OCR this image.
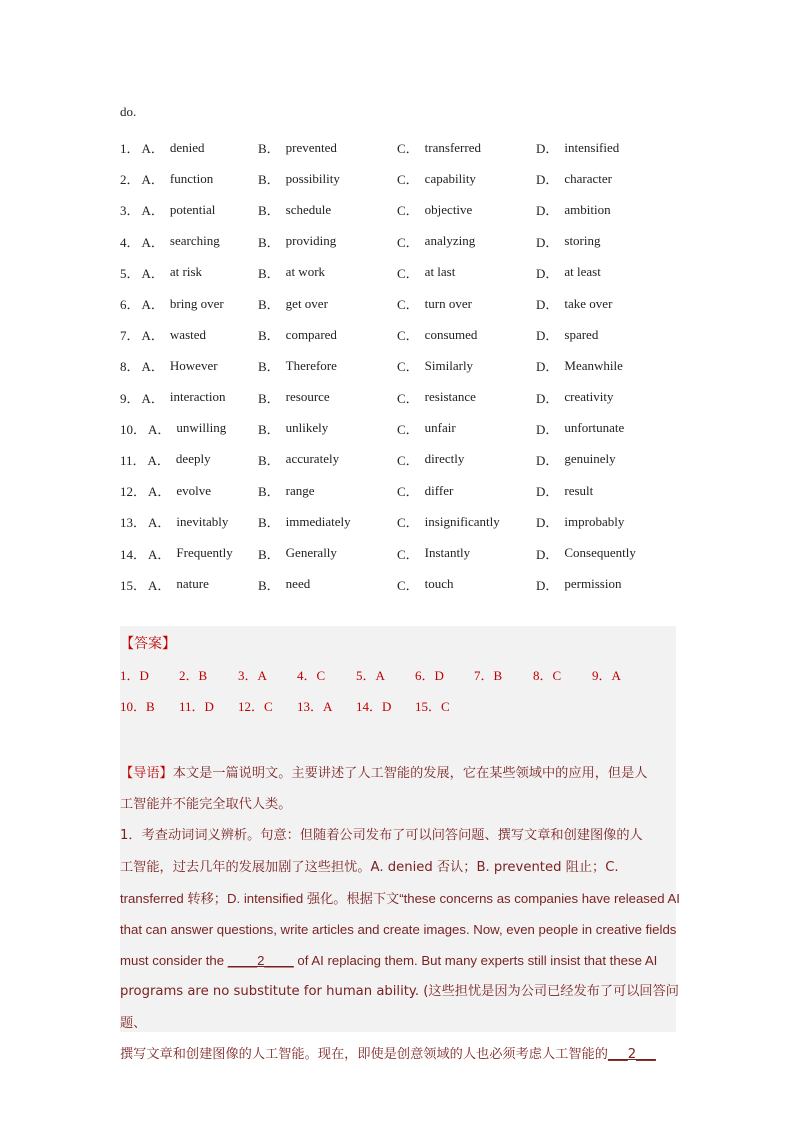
do.
1． A． denied	B． prevented	C． transferred	D． intensified
2． A． function	B． possibility	C． capability	D． character
3． A． potential	B． schedule	C． objective	D． ambition
4． A． searching	B． providing	C． analyzing	D． storing
5． A． at risk	B． at work	C． at last	D． at least
6． A． bring over	B． get over	C． turn over	D． take over
7． A． wasted	B． compared	C． consumed	D． spared
8． A． However	B． Therefore	C． Similarly	D． Meanwhile
9． A． interaction	B． resource	C． resistance	D． creativity
10． A． unwilling B． unlikely	C． unfair	D． unfortunate
11． A． deeply	B． accurately	C． directly	D． genuinely
12． A． evolve	B． range	C． differ	D． result
13． A． inevitably B． immediately	C． insignificantly	D． improbably
14． A． Frequently B． Generally	C． Instantly	D． Consequently
15． A． nature	B． need	C． touch	D． permission
【答案】
1．D	2．B	3．A	4．C	5．A	6．D	7．B	8．C	9．A
10．B	11．D	12．C	13．A	14．D	15．C

【导语】本文是一篇说明文。主要讲述了人工智能的发展，它在某些领域中的应用，但是人

工智能并不能完全取代人类。

1．考查动词词义辨析。句意：但随着公司发布了可以问答问题、撰写文章和创建图像的人

工智能，过去几年的发展加剧了这些担忧。A. denied 否认；B. prevented 阻止；C.

transferred 转移；D. intensified 强化。根据下文“these concerns as companies have released AI

that can answer questions, write articles and create images. Now, even people in creative fields

must consider the ____2____ of AI replacing them. But many experts still insist that these AI

programs are no substitute for human ability. (这些担忧是因为公司已经发布了可以回答问题、

撰写文章和创建图像的人工智能。现在，即使是创意领域的人也必须考虑人工智能的___2___
